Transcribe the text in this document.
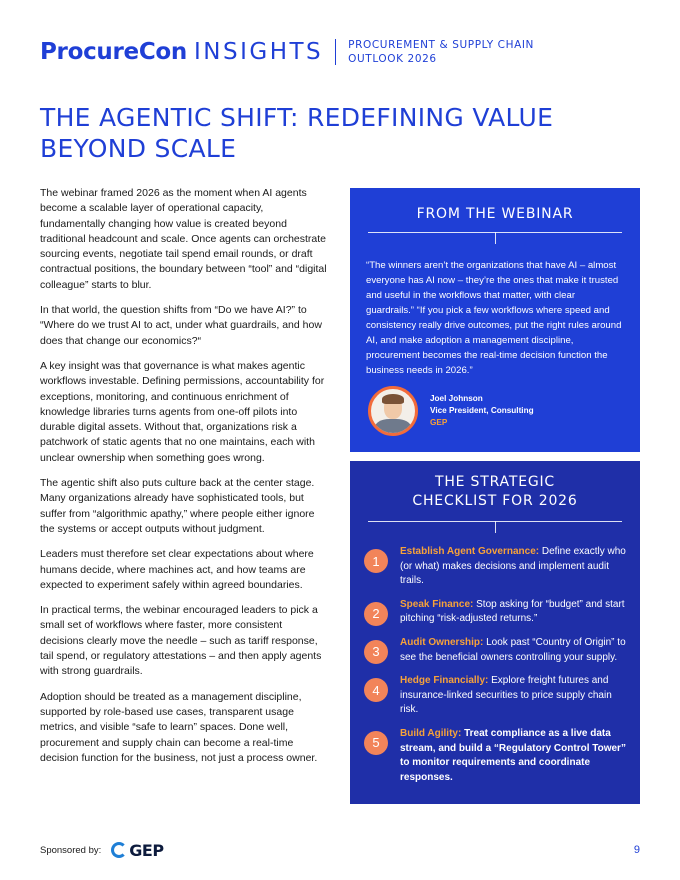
ProcureCon INSIGHTS PROCUREMENT & SUPPLY CHAIN
OUTLOOK 2026
THE AGENTIC SHIFT: REDEFINING VALUE BEYOND SCALE

The webinar framed 2026 as the moment when AI agents become a scalable layer of operational capacity, fundamentally changing how value is created beyond traditional headcount and scale. Once agents can orchestrate sourcing events, negotiate tail spend email rounds, or draft contractual positions, the boundary between “tool” and “digital colleague” starts to blur.

In that world, the question shifts from “Do we have AI?” to “Where do we trust AI to act, under what guardrails, and how does that change our economics?“

A key insight was that governance is what makes agentic workflows investable. Defining permissions, accountability for exceptions, monitoring, and continuous enrichment of knowledge libraries turns agents from one-off pilots into durable digital assets. Without that, organizations risk a patchwork of static agents that no one maintains, each with unclear ownership when something goes wrong.

The agentic shift also puts culture back at the center stage. Many organizations already have sophisticated tools, but suffer from “algorithmic apathy,” where people either ignore the systems or accept outputs without judgment.

Leaders must therefore set clear expectations about where humans decide, where machines act, and how teams are expected to experiment safely within agreed boundaries.

In practical terms, the webinar encouraged leaders to pick a small set of workflows where faster, more consistent decisions clearly move the needle – such as tariff response, tail spend, or regulatory attestations – and then apply agents with strong guardrails.

Adoption should be treated as a management discipline, supported by role-based use cases, transparent usage metrics, and visible “safe to learn” spaces. Done well, procurement and supply chain can become a real-time decision function for the business, not just a process owner.

FROM THE WEBINAR
“The winners aren’t the organizations that have AI – almost everyone has AI now – they’re the ones that make it trusted and useful in the workflows that matter, with clear guardrails.” “If you pick a few workflows where speed and consistency really drive outcomes, put the right rules around AI, and make adoption a management discipline, procurement becomes the real-time decision function the business needs in 2026.”
Joel Johnson
Vice President, Consulting
GEP
THE STRATEGIC
CHECKLIST FOR 2026
1
Establish Agent Governance: Define exactly who (or what) makes decisions and implement audit trails.
2
Speak Finance: Stop asking for “budget” and start pitching “risk-adjusted returns.”
3
Audit Ownership: Look past “Country of Origin” to see the beneficial owners controlling your supply.
4
Hedge Financially: Explore freight futures and insurance-linked securities to price supply chain risk.
5
Build Agility: Treat compliance as a live data stream, and build a “Regulatory Control Tower” to monitor requirements and coordinate responses.
Sponsored by: GEP	9
